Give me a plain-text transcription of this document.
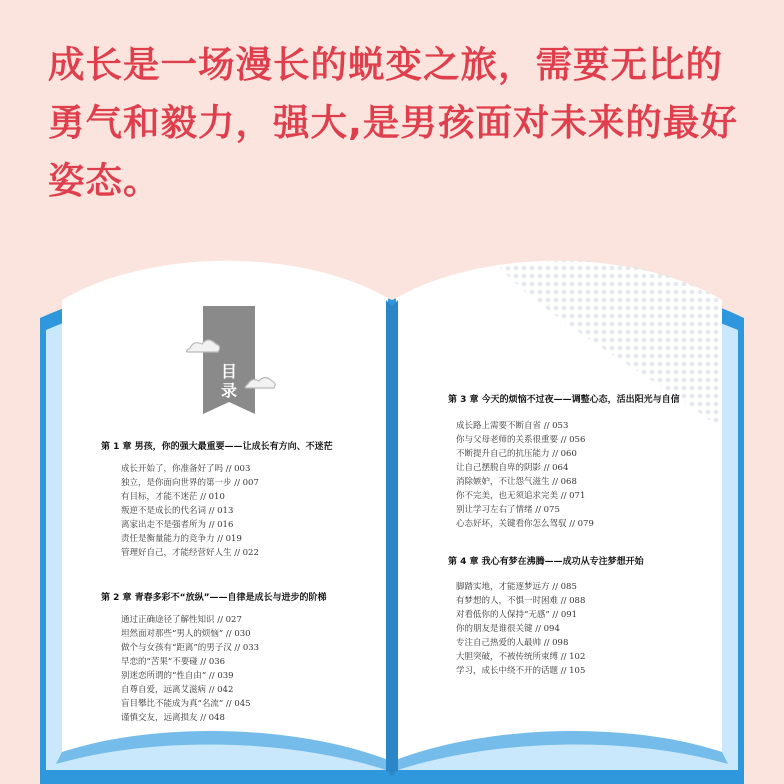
成长是一场漫长的蜕变之旅，需要无比的勇气和毅力，强大,是男孩面对未来的最好姿态。
目
录
第 1 章 男孩，你的强大最重要——让成长有方向、不迷茫
成长开始了，你准备好了吗 // 003
独立，是你面向世界的第一步 // 007
有目标，才能不迷茫 // 010
叛逆不是成长的代名词 // 013
离家出走不是强者所为 // 016
责任是衡量能力的竞争力 // 019
管理好自己，才能经营好人生 // 022
第 2 章 青春多彩不“放纵”——自律是成长与进步的阶梯
通过正确途径了解性知识 // 027
坦然面对那些“男人的烦恼” // 030
做个与女孩有“距离”的男子汉 // 033
早恋的“苦果”不要碰 // 036
别迷恋所谓的“性自由” // 039
自尊自爱，远离艾滋病 // 042
盲目攀比不能成为真“名流” // 045
谨慎交友，远离损友 // 048
第 3 章 今天的烦恼不过夜——调整心态，活出阳光与自信
成长路上需要不断自省 // 053
你与父母老师的关系很重要 // 056
不断提升自己的抗压能力 // 060
让自己摆脱自卑的阴影 // 064
消除嫉妒，不让怨气滋生 // 068
你不完美，也无须追求完美 // 071
别让学习左右了情绪 // 075
心态好坏，关键看你怎么驾驭 // 079
第 4 章 我心有梦在沸腾——成功从专注梦想开始
脚踏实地，才能逐梦远方 // 085
有梦想的人，不惧一时困难 // 088
对看低你的人保持“无感” // 091
你的朋友是谁很关键 // 094
专注自己热爱的人最帅 // 098
大胆突破，不被传统所束缚 // 102
学习，成长中绕不开的话题 // 105
